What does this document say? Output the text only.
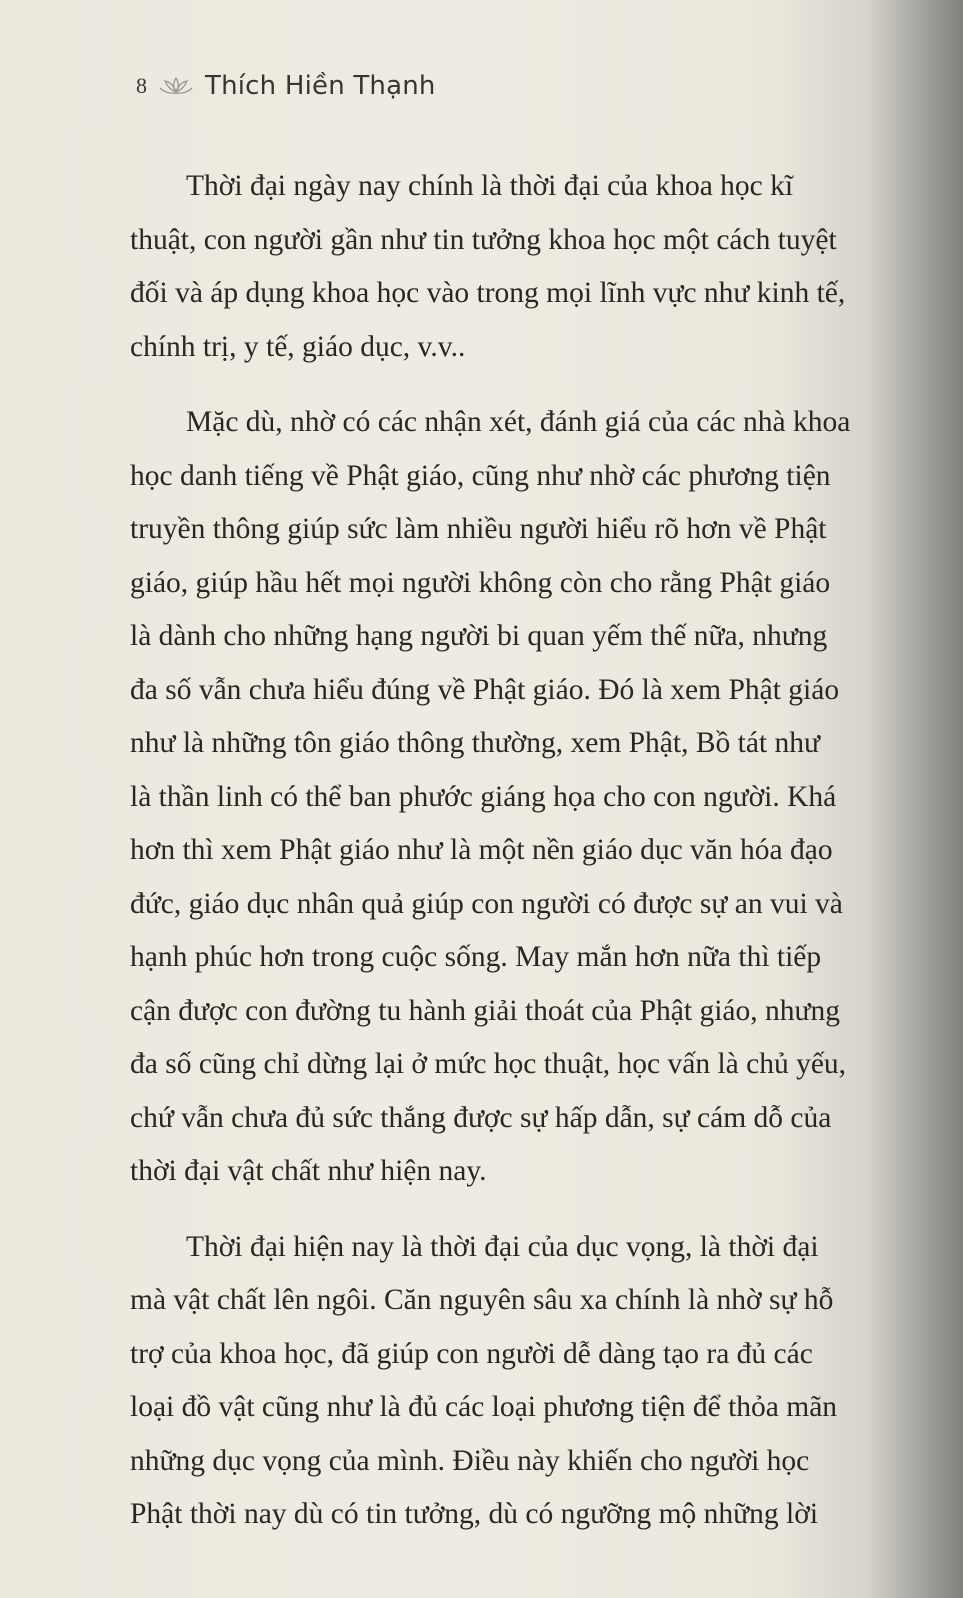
8 Thích Hiền Thạnh

Thời đại ngày nay chính là thời đại của khoa học kĩ
thuật, con người gần như tin tưởng khoa học một cách tuyệt
đối và áp dụng khoa học vào trong mọi lĩnh vực như kinh tế,
chính trị, y tế, giáo dục, v.v..

Mặc dù, nhờ có các nhận xét, đánh giá của các nhà khoa
học danh tiếng về Phật giáo, cũng như nhờ các phương tiện
truyền thông giúp sức làm nhiều người hiểu rõ hơn về Phật
giáo, giúp hầu hết mọi người không còn cho rằng Phật giáo
là dành cho những hạng người bi quan yếm thế nữa, nhưng
đa số vẫn chưa hiểu đúng về Phật giáo. Đó là xem Phật giáo
như là những tôn giáo thông thường, xem Phật, Bồ tát như
là thần linh có thể ban phước giáng họa cho con người. Khá
hơn thì xem Phật giáo như là một nền giáo dục văn hóa đạo
đức, giáo dục nhân quả giúp con người có được sự an vui và
hạnh phúc hơn trong cuộc sống. May mắn hơn nữa thì tiếp
cận được con đường tu hành giải thoát của Phật giáo, nhưng
đa số cũng chỉ dừng lại ở mức học thuật, học vấn là chủ yếu,
chứ vẫn chưa đủ sức thắng được sự hấp dẫn, sự cám dỗ của
thời đại vật chất như hiện nay.

Thời đại hiện nay là thời đại của dục vọng, là thời đại
mà vật chất lên ngôi. Căn nguyên sâu xa chính là nhờ sự hỗ
trợ của khoa học, đã giúp con người dễ dàng tạo ra đủ các
loại đồ vật cũng như là đủ các loại phương tiện để thỏa mãn
những dục vọng của mình. Điều này khiến cho người học
Phật thời nay dù có tin tưởng, dù có ngưỡng mộ những lời
